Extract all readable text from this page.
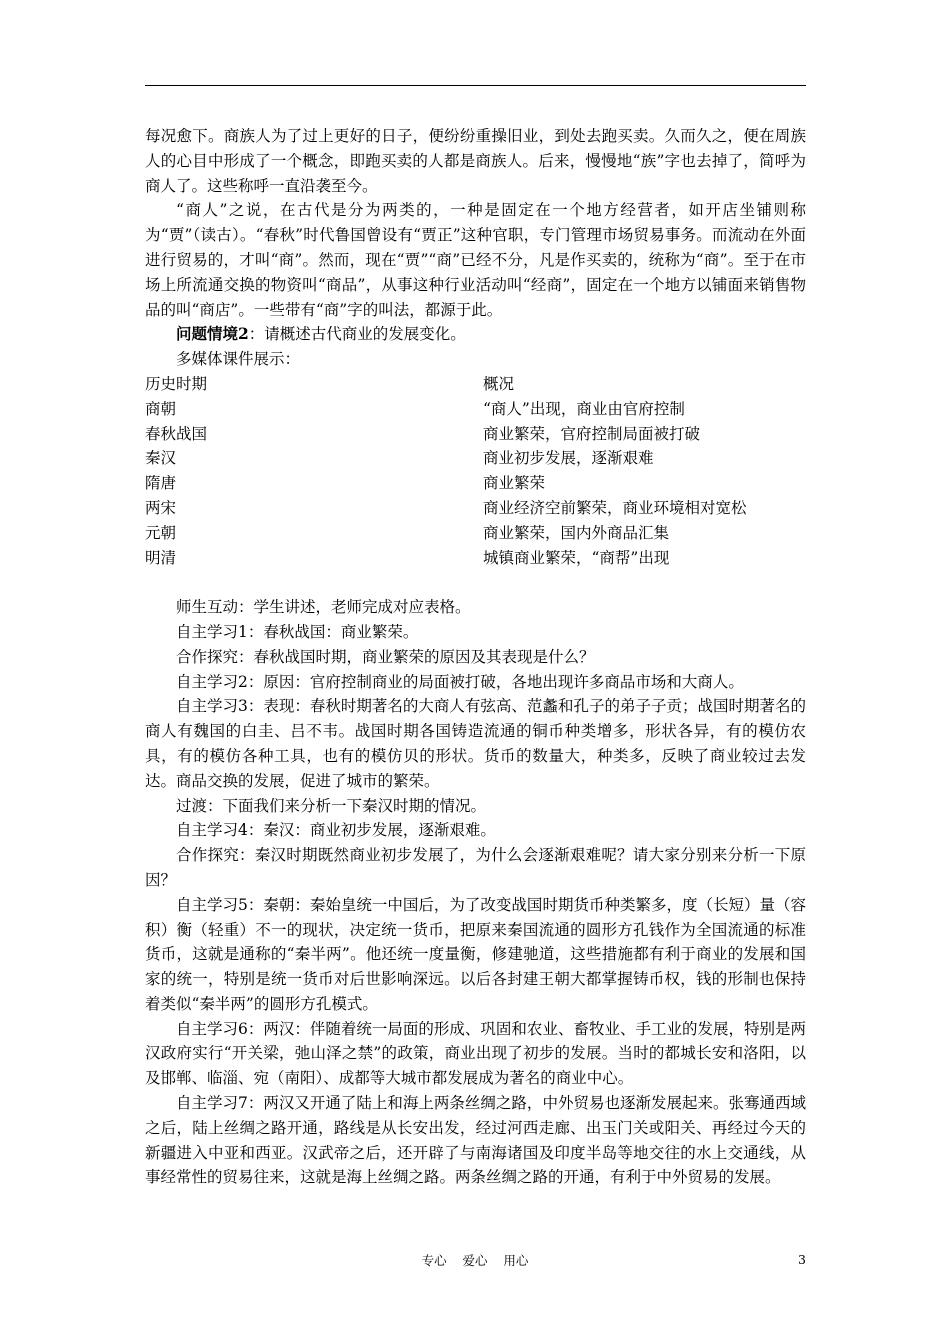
每况愈下。商族人为了过上更好的日子，便纷纷重操旧业，到处去跑买卖。久而久之，便在周族人的心目中形成了一个概念，即跑买卖的人都是商族人。后来，慢慢地“族”字也去掉了，简呼为商人了。这些称呼一直沿袭至今。

“商人”之说，在古代是分为两类的，一种是固定在一个地方经营者，如开店坐铺则称为“贾”（读古）。“春秋”时代鲁国曾设有“贾正”这种官职，专门管理市场贸易事务。而流动在外面进行贸易的，才叫“商”。然而，现在“贾”“商”已经不分，凡是作买卖的，统称为“商”。至于在市场上所流通交换的物资叫“商品”，从事这种行业活动叫“经商”，固定在一个地方以铺面来销售物品的叫“商店”。一些带有“商”字的叫法，都源于此。

问题情境2：请概述古代商业的发展变化。

多媒体课件展示：

历史时期	概况
商朝	“商人”出现，商业由官府控制
春秋战国	商业繁荣，官府控制局面被打破
秦汉	商业初步发展，逐渐艰难
隋唐	商业繁荣
两宋	商业经济空前繁荣，商业环境相对宽松
元朝	商业繁荣，国内外商品汇集
明清	城镇商业繁荣，“商帮”出现

师生互动：学生讲述，老师完成对应表格。

自主学习1：春秋战国：商业繁荣。

合作探究：春秋战国时期，商业繁荣的原因及其表现是什么？

自主学习2：原因：官府控制商业的局面被打破，各地出现许多商品市场和大商人。

自主学习3：表现：春秋时期著名的大商人有弦高、范蠡和孔子的弟子子贡；战国时期著名的商人有魏国的白圭、吕不韦。战国时期各国铸造流通的铜币种类增多，形状各异，有的模仿农具，有的模仿各种工具，也有的模仿贝的形状。货币的数量大，种类多，反映了商业较过去发达。商品交换的发展，促进了城市的繁荣。

过渡：下面我们来分析一下秦汉时期的情况。

自主学习4：秦汉：商业初步发展，逐渐艰难。

合作探究：秦汉时期既然商业初步发展了，为什么会逐渐艰难呢？请大家分别来分析一下原因？

自主学习5：秦朝：秦始皇统一中国后，为了改变战国时期货币种类繁多，度（长短）量（容积）衡（轻重）不一的现状，决定统一货币，把原来秦国流通的圆形方孔钱作为全国流通的标准货币，这就是通称的“秦半两”。他还统一度量衡，修建驰道，这些措施都有利于商业的发展和国家的统一，特别是统一货币对后世影响深远。以后各封建王朝大都掌握铸币权，钱的形制也保持着类似“秦半两”的圆形方孔模式。

自主学习6：两汉：伴随着统一局面的形成、巩固和农业、畜牧业、手工业的发展，特别是两汉政府实行“开关梁，弛山泽之禁”的政策，商业出现了初步的发展。当时的都城长安和洛阳，以及邯郸、临淄、宛（南阳）、成都等大城市都发展成为著名的商业中心。

自主学习7：两汉又开通了陆上和海上两条丝绸之路，中外贸易也逐渐发展起来。张骞通西域之后，陆上丝绸之路开通，路线是从长安出发，经过河西走廊、出玉门关或阳关、再经过今天的新疆进入中亚和西亚。汉武帝之后，还开辟了与南海诸国及印度半岛等地交往的水上交通线，从事经常性的贸易往来，这就是海上丝绸之路。两条丝绸之路的开通，有利于中外贸易的发展。

专心    爱心    用心	3
